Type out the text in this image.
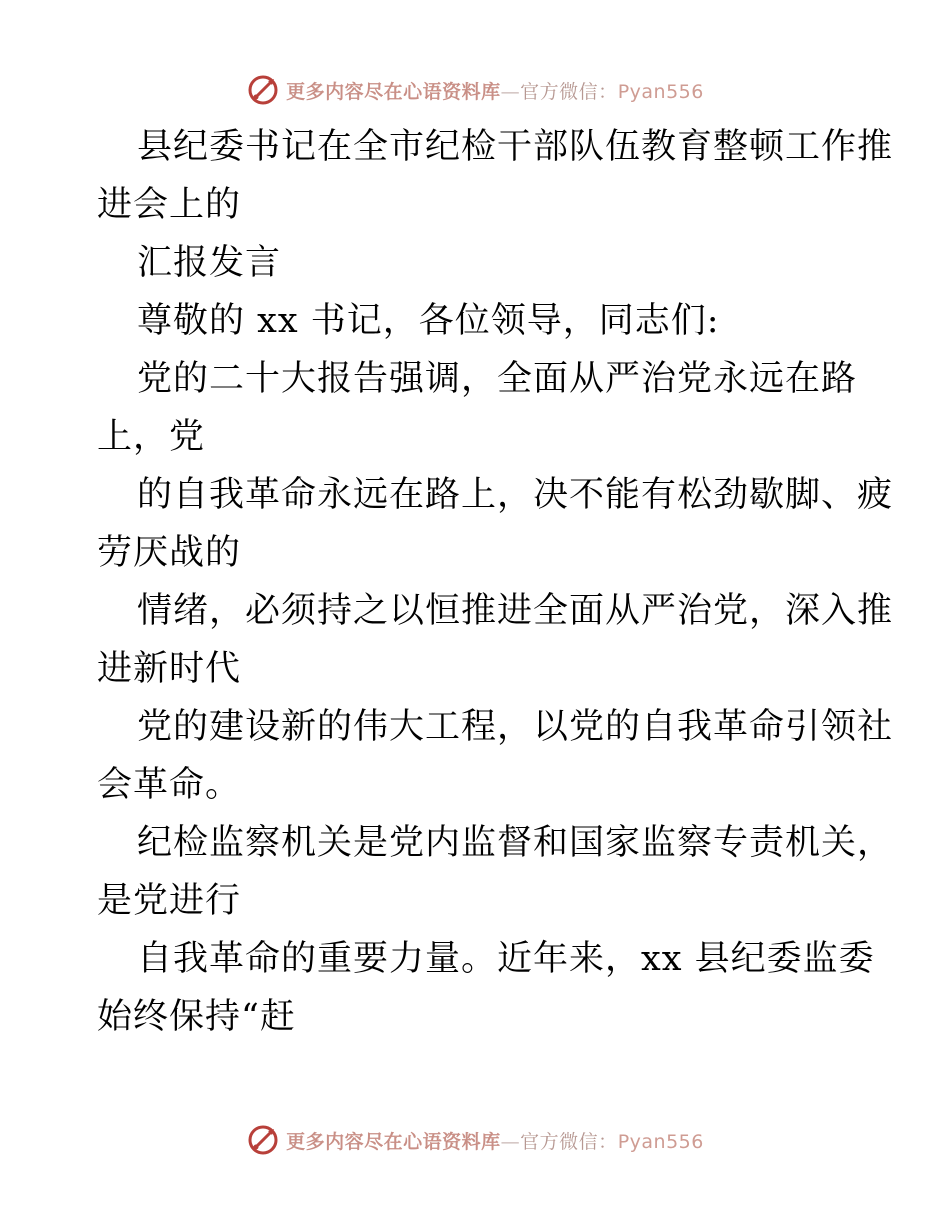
更多内容尽在心语资料库—官方微信：Pyan556
县纪委书记在全市纪检干部队伍教育整顿工作推
进会上的
汇报发言
尊敬的 xx 书记，各位领导，同志们:
党的二十大报告强调，全面从严治党永远在路
上，党
的自我革命永远在路上，决不能有松劲歇脚、疲
劳厌战的
情绪，必须持之以恒推进全面从严治党，深入推
进新时代
党的建设新的伟大工程，以党的自我革命引领社
会革命。
纪检监察机关是党内监督和国家监察专责机关，
是党进行
自我革命的重要力量。近年来，xx 县纪委监委
始终保持“赶
更多内容尽在心语资料库—官方微信：Pyan556
